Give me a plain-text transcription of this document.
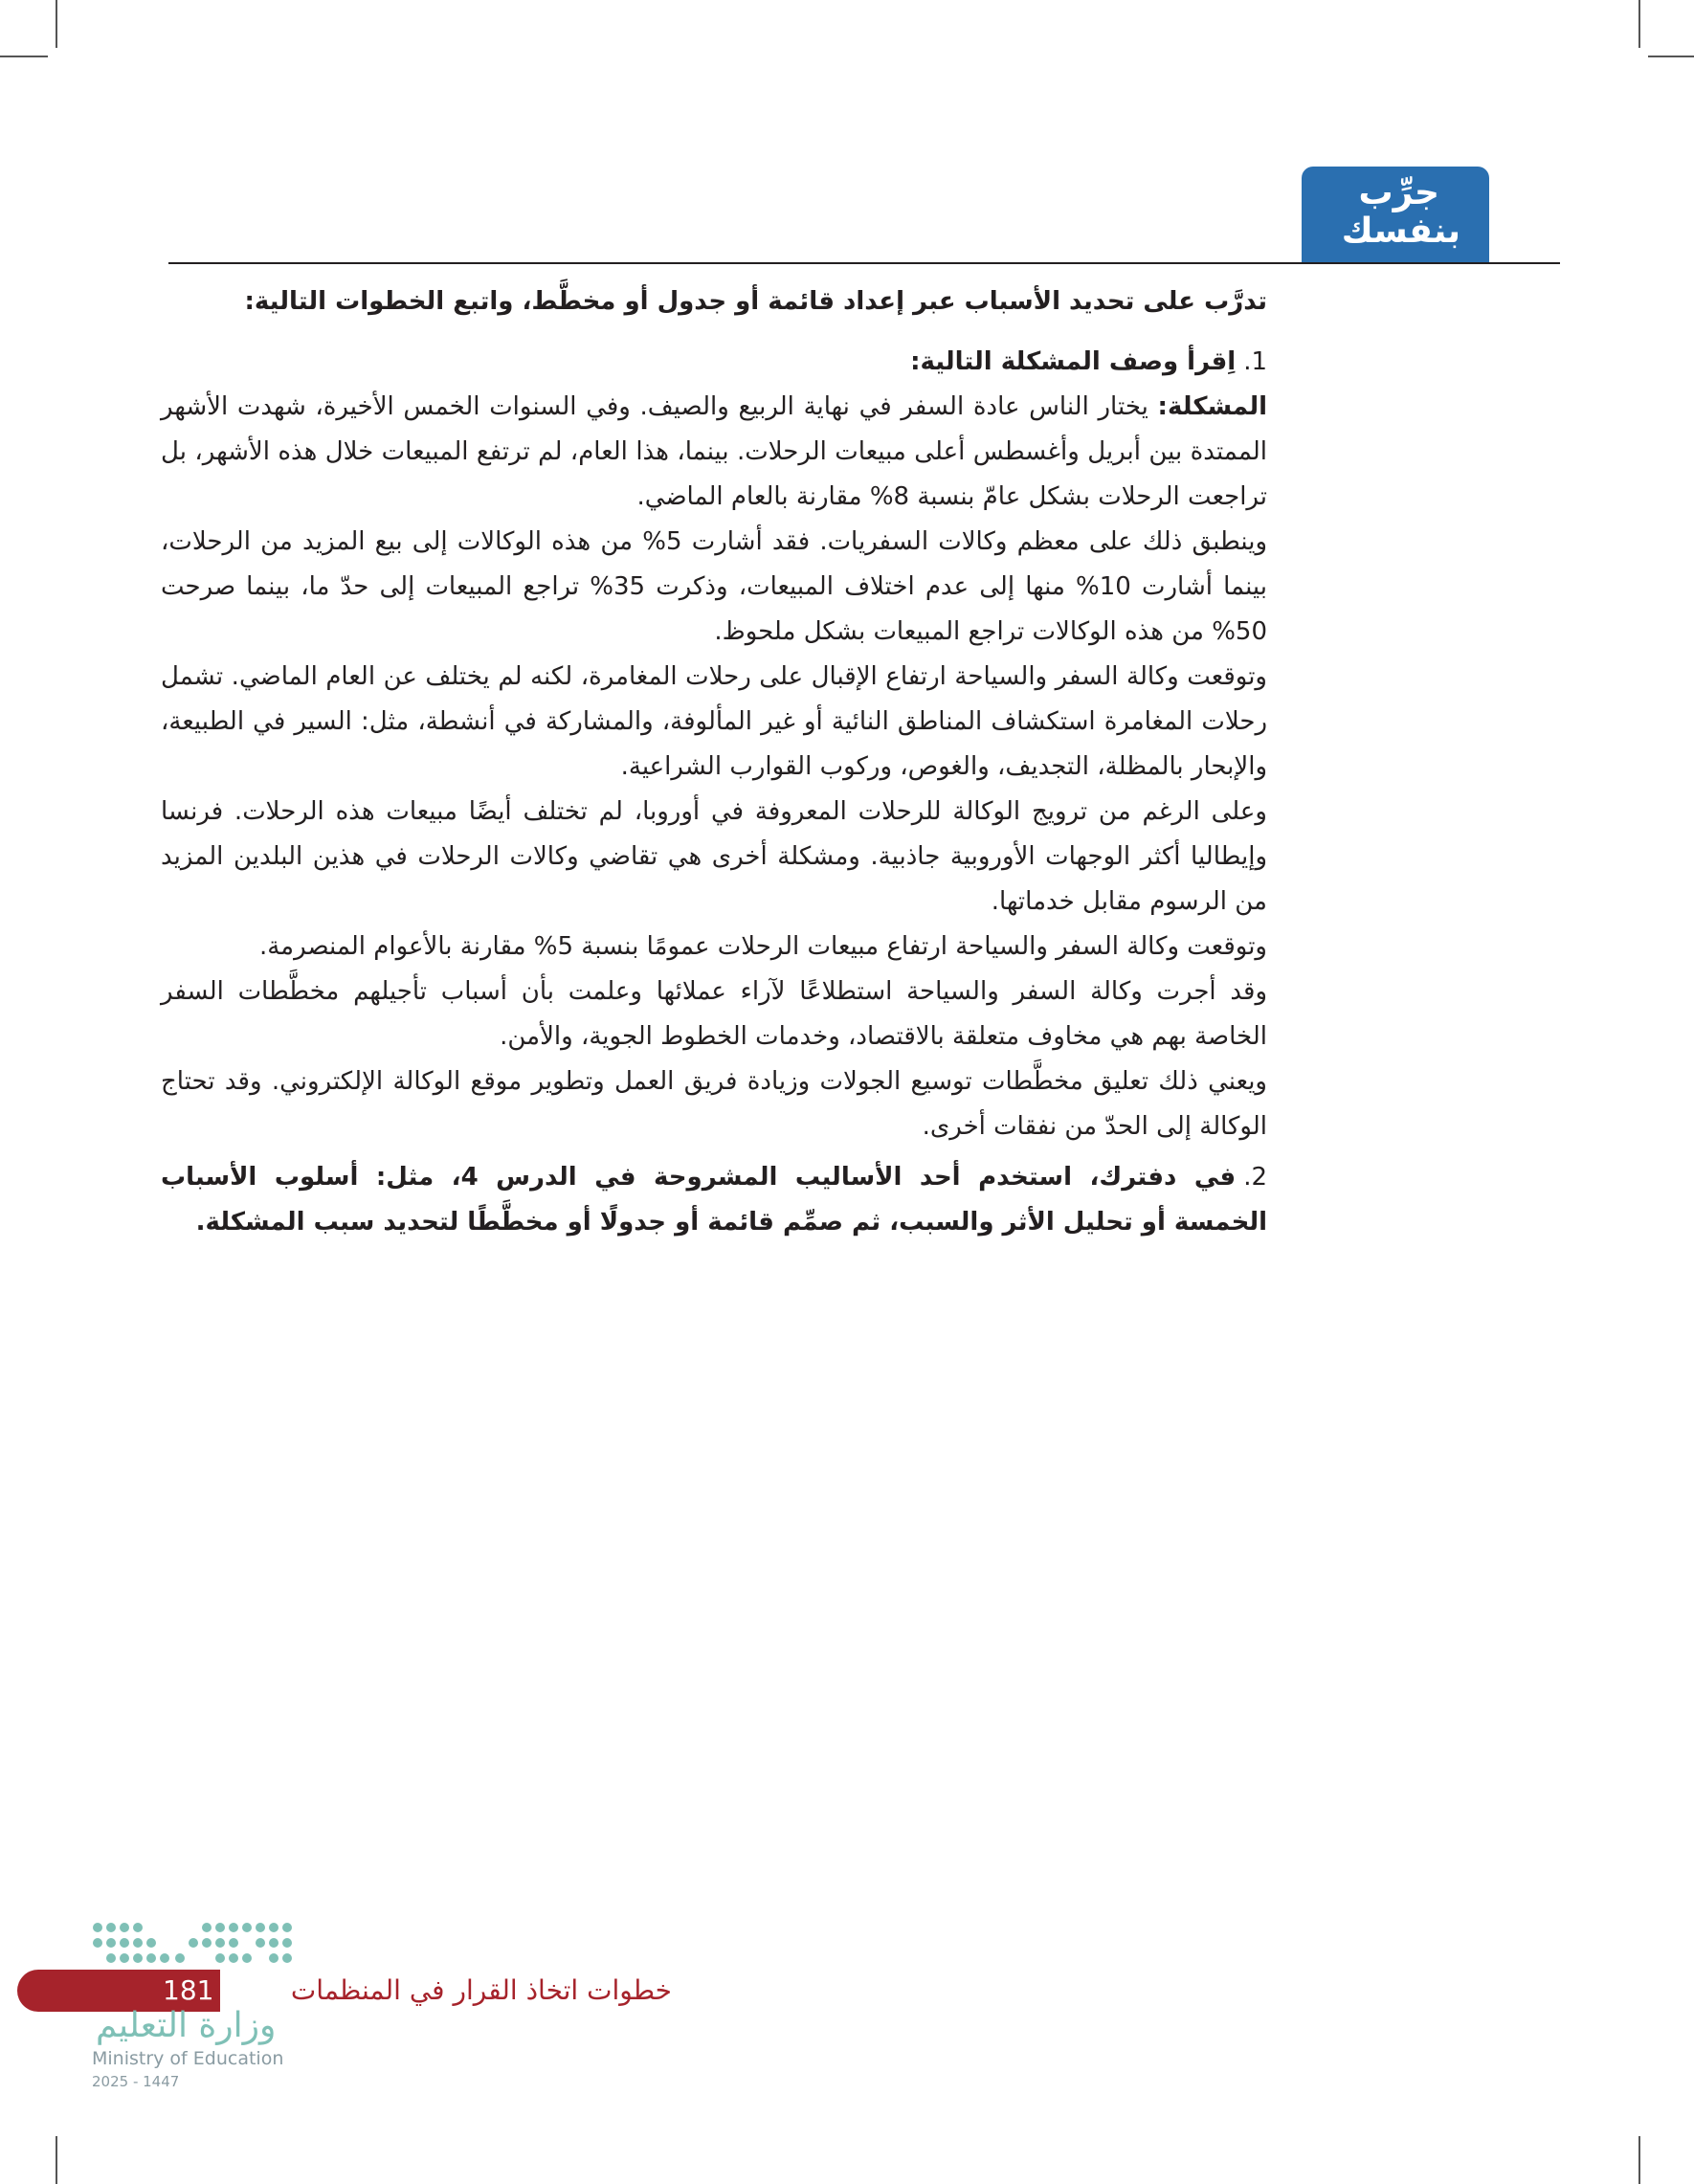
جرِّب
بنفسك

تدرَّب على تحديد الأسباب عبر إعداد قائمة أو جدول أو مخطَّط، واتبع الخطوات التالية:

1.اِقرأ وصف المشكلة التالية:

المشكلة: يختار الناس عادة السفر في نهاية الربيع والصيف. وفي السنوات الخمس الأخيرة، شهدت الأشهر الممتدة بين أبريل وأغسطس أعلى مبيعات الرحلات. بينما، هذا العام، لم ترتفع المبيعات خلال هذه الأشهر، بل تراجعت الرحلات بشكل عامّ بنسبة 8% مقارنة بالعام الماضي.

وينطبق ذلك على معظم وكالات السفريات. فقد أشارت 5% من هذه الوكالات إلى بيع المزيد من الرحلات، بينما أشارت 10% منها إلى عدم اختلاف المبيعات، وذكرت 35% تراجع المبيعات إلى حدّ ما، بينما صرحت 50% من هذه الوكالات تراجع المبيعات بشكل ملحوظ.

وتوقعت وكالة السفر والسياحة ارتفاع الإقبال على رحلات المغامرة، لكنه لم يختلف عن العام الماضي. تشمل رحلات المغامرة استكشاف المناطق النائية أو غير المألوفة، والمشاركة في أنشطة، مثل: السير في الطبيعة، والإبحار بالمظلة، التجديف، والغوص، وركوب القوارب الشراعية.

وعلى الرغم من ترويج الوكالة للرحلات المعروفة في أوروبا، لم تختلف أيضًا مبيعات هذه الرحلات. فرنسا وإيطاليا أكثر الوجهات الأوروبية جاذبية. ومشكلة أخرى هي تقاضي وكالات الرحلات في هذين البلدين المزيد من الرسوم مقابل خدماتها.

وتوقعت وكالة السفر والسياحة ارتفاع مبيعات الرحلات عمومًا بنسبة 5% مقارنة بالأعوام المنصرمة.

وقد أجرت وكالة السفر والسياحة استطلاعًا لآراء عملائها وعلمت بأن أسباب تأجيلهم مخطَّطات السفر الخاصة بهم هي مخاوف متعلقة بالاقتصاد، وخدمات الخطوط الجوية، والأمن.

ويعني ذلك تعليق مخطَّطات توسيع الجولات وزيادة فريق العمل وتطوير موقع الوكالة الإلكتروني. وقد تحتاج الوكالة إلى الحدّ من نفقات أخرى.

2.في دفترك، استخدم أحد الأساليب المشروحة في الدرس 4، مثل: أسلوب الأسباب الخمسة أو تحليل الأثر والسبب، ثم صمِّم قائمة أو جدولًا أو مخطَّطًا لتحديد سبب المشكلة.

181	خطوات اتخاذ القرار في المنظمات
وزارة التعليم
Ministry of Education
2025 - 1447
